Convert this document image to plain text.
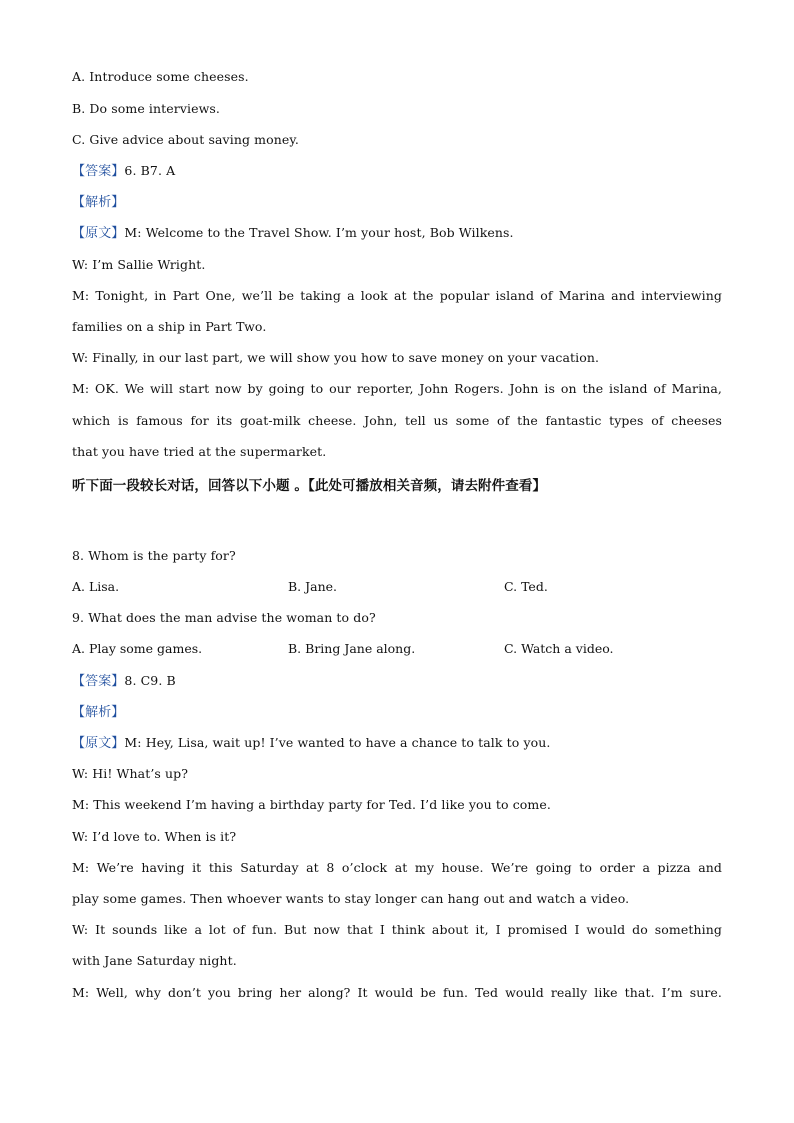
A. Introduce some cheeses.
B. Do some interviews.
C. Give advice about saving money.
【答案】6. B7. A
【解析】
【原文】M: Welcome to the Travel Show. I’m your host, Bob Wilkens.
W: I’m Sallie Wright.
M: Tonight, in Part One, we’ll be taking a look at the popular island of Marina and interviewing
families on a ship in Part Two.
W: Finally, in our last part, we will show you how to save money on your vacation.
M: OK. We will start now by going to our reporter, John Rogers. John is on the island of Marina,
which is famous for its goat-milk cheese. John, tell us some of the fantastic types of cheeses
that you have tried at the supermarket.
听下面一段较长对话，回答以下小题 。【此处可播放相关音频，请去附件查看】
8. Whom is the party for?
A. Lisa.	B. Jane.	C. Ted.
9. What does the man advise the woman to do?
A. Play some games.	B. Bring Jane along.	C. Watch a video.
【答案】8. C9. B
【解析】
【原文】M: Hey, Lisa, wait up! I’ve wanted to have a chance to talk to you.
W: Hi! What’s up?
M: This weekend I’m having a birthday party for Ted. I’d like you to come.
W: I’d love to. When is it?
M: We’re having it this Saturday at 8 o’clock at my house. We’re going to order a pizza and
play some games. Then whoever wants to stay longer can hang out and watch a video.
W: It sounds like a lot of fun. But now that I think about it, I promised I would do something
with Jane Saturday night.
M: Well, why don’t you bring her along? It would be fun. Ted would really like that. I’m sure.
